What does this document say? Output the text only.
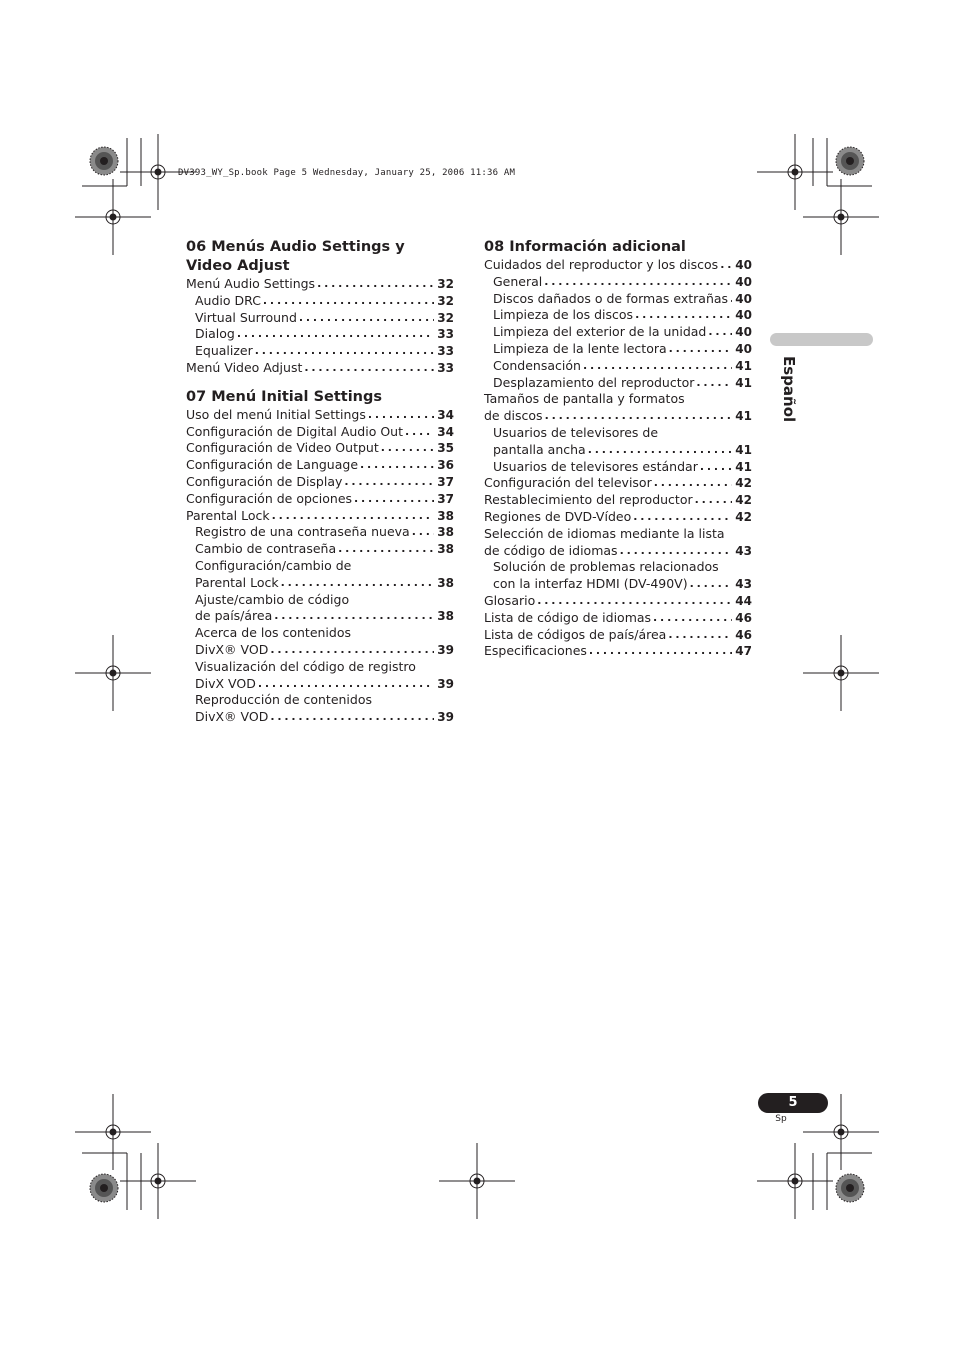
DV393_WY_Sp.book Page 5 Wednesday, January 25, 2006 11:36 AM
06 Menús Audio Settings y Video Adjust
Menú Audio Settings . . .	32
Audio DRC . . .	32
Virtual Surround . . .	32
Dialog . . .	33
Equalizer . . .	33
Menú Video Adjust . . .	33
07 Menú Initial Settings
Uso del menú Initial Settings . . .	34
Configuración de Digital Audio Out . . .	34
Configuración de Video Output . . .	35
Configuración de Language . . .	36
Configuración de Display . . .	37
Configuración de opciones . . .	37
Parental Lock . . .	38
Registro de una contraseña nueva . . . 38
Cambio de contraseña . . .	38
Configuración/cambio de
Parental Lock . . .	38
Ajuste/cambio de código
de país/área . . .	38
Acerca de los contenidos
DivX® VOD . . .	39
Visualización del código de registro
DivX VOD . . .	39
Reproducción de contenidos
DivX® VOD . . .	39
08 Información adicional
Cuidados del reproductor y los discos . . . 40
General . . .	40
Discos dañados o de formas extrañas . . . 40
Limpieza de los discos . . .	40
Limpieza del exterior de la unidad . . . 40
Limpieza de la lente lectora . . .	40
Condensación . . .	41
Desplazamiento del reproductor . . .	41
Tamaños de pantalla y formatos
de discos . . .	41
Usuarios de televisores de
pantalla ancha . . .	41
Usuarios de televisores estándar . . .	41
Configuración del televisor . . .	42
Restablecimiento del reproductor . . .	42
Regiones de DVD-Vídeo . . .	42
Selección de idiomas mediante la lista
de código de idiomas . . .	43
Solución de problemas relacionados
con la interfaz HDMI (DV-490V) . . .	43
Glosario . . .	44
Lista de código de idiomas . . .	46
Lista de códigos de país/área . . .	46
Especificaciones . . .	47
Español
5
Sp
